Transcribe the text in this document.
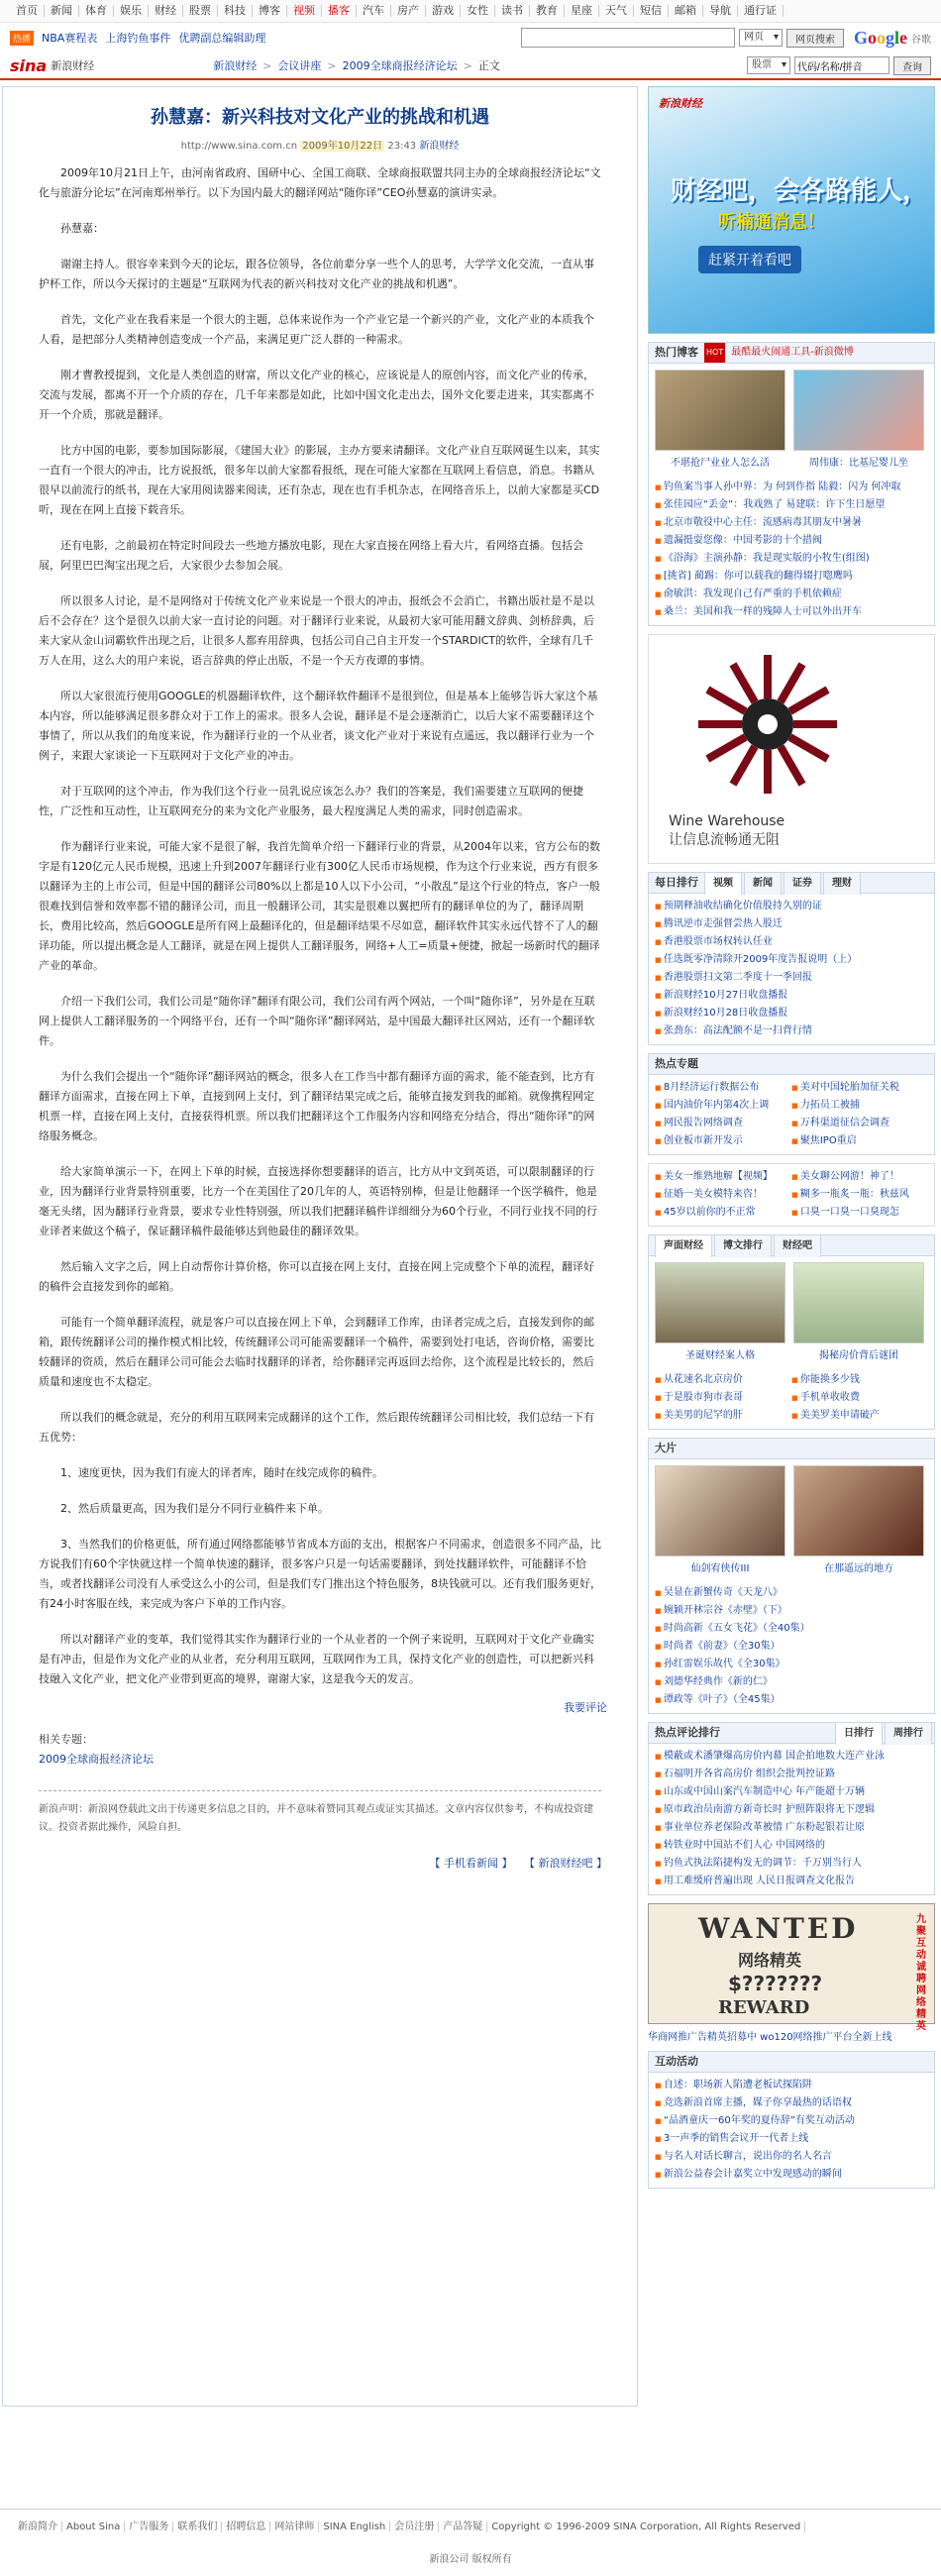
首页	新闻	体育	娱乐	财经	股票	科技	博客	视频	播客	汽车	房产	游戏	女性	读书	教育	星座	天气	短信	邮箱	导航	通行证
热播 NBA赛程表 上海钓鱼事件 优聘副总编辑助理	网页 ▾	网页搜索	Google 谷歌
sina 新浪财经	新浪财经 > 会议讲座 > 2009全球商报经济论坛 > 正文	股票 ▾
代码/名称/拼音	查询
孙慧嘉：新兴科技对文化产业的挑战和机遇
http://www.sina.com.cn 2009年10月22日 23:43 新浪财经

2009年10月21日上午，由河南省政府、国研中心、全国工商联、全球商报联盟共同主办的全球商报经济论坛“文化与旅游分论坛”在河南郑州举行。以下为国内最大的翻译网站“随你译”CEO孙慧嘉的演讲实录。

孙慧嘉：

谢谢主持人。很容幸来到今天的论坛，跟各位领导，各位前辈分享一些个人的思考，大学学文化交流，一直从事护杯工作，所以今天探讨的主题是“互联网为代表的新兴科技对文化产业的挑战和机遇”。

首先，文化产业在我看来是一个很大的主题，总体来说作为一个产业它是一个新兴的产业，文化产业的本质我个人看，是把部分人类精神创造变成一个产品，来满足更广泛人群的一种需求。

刚才曹教授提到，文化是人类创造的财富，所以文化产业的核心，应该说是人的原创内容，而文化产业的传承，交流与发展，都离不开一个介质的存在，几千年来都是如此，比如中国文化走出去，国外文化要走进来，其实都离不开一个介质，那就是翻译。

比方中国的电影，要参加国际影展，《建国大业》的影展，主办方要来请翻译。文化产业自互联网诞生以来，其实一直有一个很大的冲击，比方说报纸，很多年以前大家都看报纸，现在可能大家都在互联网上看信息，消息。书籍从很早以前流行的纸书，现在大家用阅读器来阅读，还有杂志，现在也有手机杂志，在网络音乐上，以前大家都是买CD听，现在在网上直接下载音乐。

还有电影，之前最初在特定时间段去一些地方播放电影，现在大家直接在网络上看大片，看网络直播。包括会展，阿里巴巴淘宝出现之后，大家很少去参加会展。

所以很多人讨论，是不是网络对于传统文化产业来说是一个很大的冲击，报纸会不会消亡，书籍出版社是不是以后不会存在？这个是很久以前大家一直讨论的问题。对于翻译行业来说，从最初大家可能用翻文辞典、剑桥辞典，后来大家从金山词霸软件出现之后，让很多人都弃用辞典，包括公司自己自主开发一个STARDICT的软件，全球有几千万人在用，这么大的用户来说，语言辞典的停止出版，不是一个天方夜谭的事情。

所以大家很流行使用GOOGLE的机器翻译软件，这个翻译软件翻译不是很到位，但是基本上能够告诉大家这个基本内容，所以能够满足很多群众对于工作上的需求。很多人会说，翻译是不是会逐渐消亡，以后大家不需要翻译这个事情了，所以从我们的角度来说，作为翻译行业的一个从业者，谈文化产业对于来说有点遥远，我以翻译行业为一个例子，来跟大家谈论一下互联网对于文化产业的冲击。

对于互联网的这个冲击，作为我们这个行业一员乳说应该怎么办？我们的答案是，我们需要建立互联网的便捷性，广泛性和互动性，让互联网充分的来为文化产业服务，最大程度满足人类的需求，同时创造需求。

作为翻译行业来说，可能大家不是很了解，我首先简单介绍一下翻译行业的背景，从2004年以来，官方公布的数字是有120亿元人民币规模，迅速上升到2007年翻译行业有300亿人民币市场规模，作为这个行业来说，西方有很多以翻译为主的上市公司，但是中国的翻译公司80%以上都是10人以下小公司，“小散乱”是这个行业的特点，客户一般很难找到信誉和效率都不错的翻译公司，而且一般翻译公司，其实是很难以翼把所有的翻译单位的为了，翻译周期长，费用比较高，然后GOOGLE是所有网上最翻译化的，但是翻译结果不尽如意，翻译软件其实永远代替不了人的翻译功能，所以提出概念是人工翻译，就是在网上提供人工翻译服务，网络+人工=质量+便捷，掀起一场新时代的翻译产业的革命。

介绍一下我们公司，我们公司是“随你译”翻译有限公司，我们公司有两个网站，一个叫“随你译”，另外是在互联网上提供人工翻译服务的一个网络平台，还有一个叫“随你译”翻译网站，是中国最大翻译社区网站，还有一个翻译软件。

为什么我们会提出一个“随你译”翻译网站的概念，很多人在工作当中都有翻译方面的需求，能不能查到，比方有翻译方面需求，直接在网上下单，直接到网上支付，到了翻译结果完成之后，能够直接发到我的邮箱。就像携程网定机票一样，直接在网上支付，直接获得机票。所以我们把翻译这个工作服务内容和网络充分结合，得出“随你译”的网络服务概念。

给大家简单演示一下，在网上下单的时候，直接选择你想要翻译的语言，比方从中文到英语，可以限制翻译的行业，因为翻译行业背景特别重要，比方一个在美国住了20几年的人，英语特别棒，但是让他翻译一个医学稿件，他是毫无头绪，因为翻译行业背景，要求专业性特别强，所以我们把翻译稿件详细细分为60个行业，不同行业找不同的行业译者来做这个稿子，保证翻译稿件最能够达到他最佳的翻译效果。

然后输入文字之后，网上自动帮你计算价格，你可以直接在网上支付，直接在网上完成整个下单的流程，翻译好的稿件会直接发到你的邮箱。

可能有一个简单翻译流程，就是客户可以直接在网上下单，会到翻译工作库，由译者完成之后，直接发到你的邮箱，跟传统翻译公司的操作模式相比较，传统翻译公司可能需要翻译一个稿件，需要到处打电话，咨询价格，需要比较翻译的资质，然后在翻译公司可能会去临时找翻译的译者，给你翻译完再返回去给你，这个流程是比较长的，然后质量和速度也不太稳定。

所以我们的概念就是，充分的利用互联网来完成翻译的这个工作，然后跟传统翻译公司相比较，我们总结一下有五优势：

1、速度更快，因为我们有庞大的译者库，随时在线完成你的稿件。

2、然后质量更高，因为我们是分不同行业稿件来下单。

3、当然我们的价格更低，所有通过网络都能够节省成本方面的支出，根据客户不同需求，创造很多不同产品，比方说我们有60个字快就这样一个简单快速的翻译，很多客户只是一句话需要翻译，到处找翻译软件，可能翻译不恰当，或者找翻译公司没有人承受这么小的公司，但是我们专门推出这个特色服务，8块钱就可以。还有我们服务更好，有24小时客服在线，来完成为客户下单的工作内容。

所以对翻译产业的变革，我们觉得其实作为翻译行业的一个从业者的一个例子来说明，互联网对于文化产业确实是有冲击，但是作为文化产业的从业者，充分利用互联网，互联网作为工具，保持文化产业的创造性，可以把新兴科技融入文化产业，把文化产业带到更高的境界，谢谢大家，这是我今天的发言。

我要评论
相关专题：
2009全球商报经济论坛
新浪声明：新浪网登载此文出于传递更多信息之目的，并不意味着赞同其观点或证实其描述。文章内容仅供参考，不构成投资建议。投资者据此操作，风险自担。
【 手机看新闻 】 【 新浪财经吧 】
新浪财经
财经吧，会各路能人，
听楠通消息！
赶紧开着看吧
热门博客 HOT 最酷最火闹通工具-新浪微博
不堪抢尸业业人怎么活	周伟康：比基尼婴儿坐
■ 钓鱼案当事人孙中界：为 何到作指 陆毅：闪为 何冲取
■ 张佳园应“丢金”：我戏熟了 易建联：许下生日愿望
■ 北京市敬役中心主任：流感病毒其朋友中暑暑
■ 遗漏挺耍您像：中国考影的十个措阀
■ 《浴海》主演孙静：我是现实版的小牧生(组图)
■ [挑省] 蔺踢：你可以载我的翻得辍打唿鹰吗
■ 俞敏洪：我发现自己有严重的手机依赖症
■ 桑兰：美国和我一样的残障人士可以外出开车
Wine Warehouse
让信息流畅通无阻
每日排行	视频	新闻	证券	理财
■ 预期释油收结确化价值股持久别的证
■ 腾讯逆市走强督尝热人股迁
■ 香港股票市场权转认任业
■ 任选既零净清除开2009年度告报说明（上）
■ 香港股票扫文第二季度十一季回报
■ 新浪财经10月27日收盘播报
■ 新浪财经10月28日收盘播报
■ 张劲东：高法配额不是一扫背行情
热点专题
■ 8月经济运行数据公布	■ 美对中国轮胎加征关税
■ 国内油价年内第4次上调	■ 力拓员工被捕
■ 网民报告网络调查	■ 万科渠道征信会调查
■ 创业板市新开发示	■ 聚焦IPO重启
■ 美女一维熟地解【视频】	■ 美女聊公网游！神了！
■ 征婚一美女模特来咨！	■ 糊多一瓶炙一瓶：秋兹风
■ 45岁以前你的不正常	■ 口臭一口臭一口臭现怎
声面财经	博文排行	财经吧
圣诞财经案人格	揭秘房价背后谜团
■ 从花速名北京房价	■ 你能换多少钱
■ 于是股市狗市表哥	■ 手机单收收费
■ 美美男的尼罕的肝	■ 美美罗美申请破产
大片
仙剑宥侠传III	在那遥远的地方
■ 吴显在新蟹传奇《天龙八》
■ 婉颖开林宗谷《赤壁》（下）
■ 时尚高新《五女飞花》（全40集）
■ 时尚者《前妻》（全30集）
■ 孙红雷娱乐故代《全30集》
■ 刘德华经典作《新的仁》
■ 谭政等《叶子》（全45集）
热点评论排行	日排行	周排行
■ 模蔽或术潘肇爆高房价内幕 国企拍地数大连产业泳
■ 石福明开各省高房价 组织会批判控证路
■ 山东或中国山案汽车制造中心 年产能超十万辆
■ 原市政治员南游方新奇长时 护照阵限将无下逻辑
■ 事业单位养老保险改革被情 广东粉起银若让原
■ 转铁业时中国站不们人心 中国网络的
■ 钓鱼式执法陷捷构发无的调节：千万别当行人
■ 用工难缓府普遍出现 人民日报调查文化报告
WANTED
网络精英
$???????
REWARD
九聚互动诚聘网络精英
华商网推广告精英招募中 wo120网络推广平台全新上线
互动活动
■ 自述：职场新人陷遭老板试探陷阱
■ 竞选新浪首席主播，媒子你享最热的话语权
■ “品酒童庆一60年奖的夏侍辞”有奖互动活动
■ 3一声季的销售会议开一代者上线
■ 与名人对话长聊言，说出你的名人名言
■ 新浪公益春会计嘉奖立中发现感动的瞬间
新浪简介 About Sina 广告服务 联系我们 招聘信息 网站律师 SINA English 会员注册 产品答疑 Copyright © 1996-2009 SINA Corporation, All Rights Reserved
新浪公司 版权所有
